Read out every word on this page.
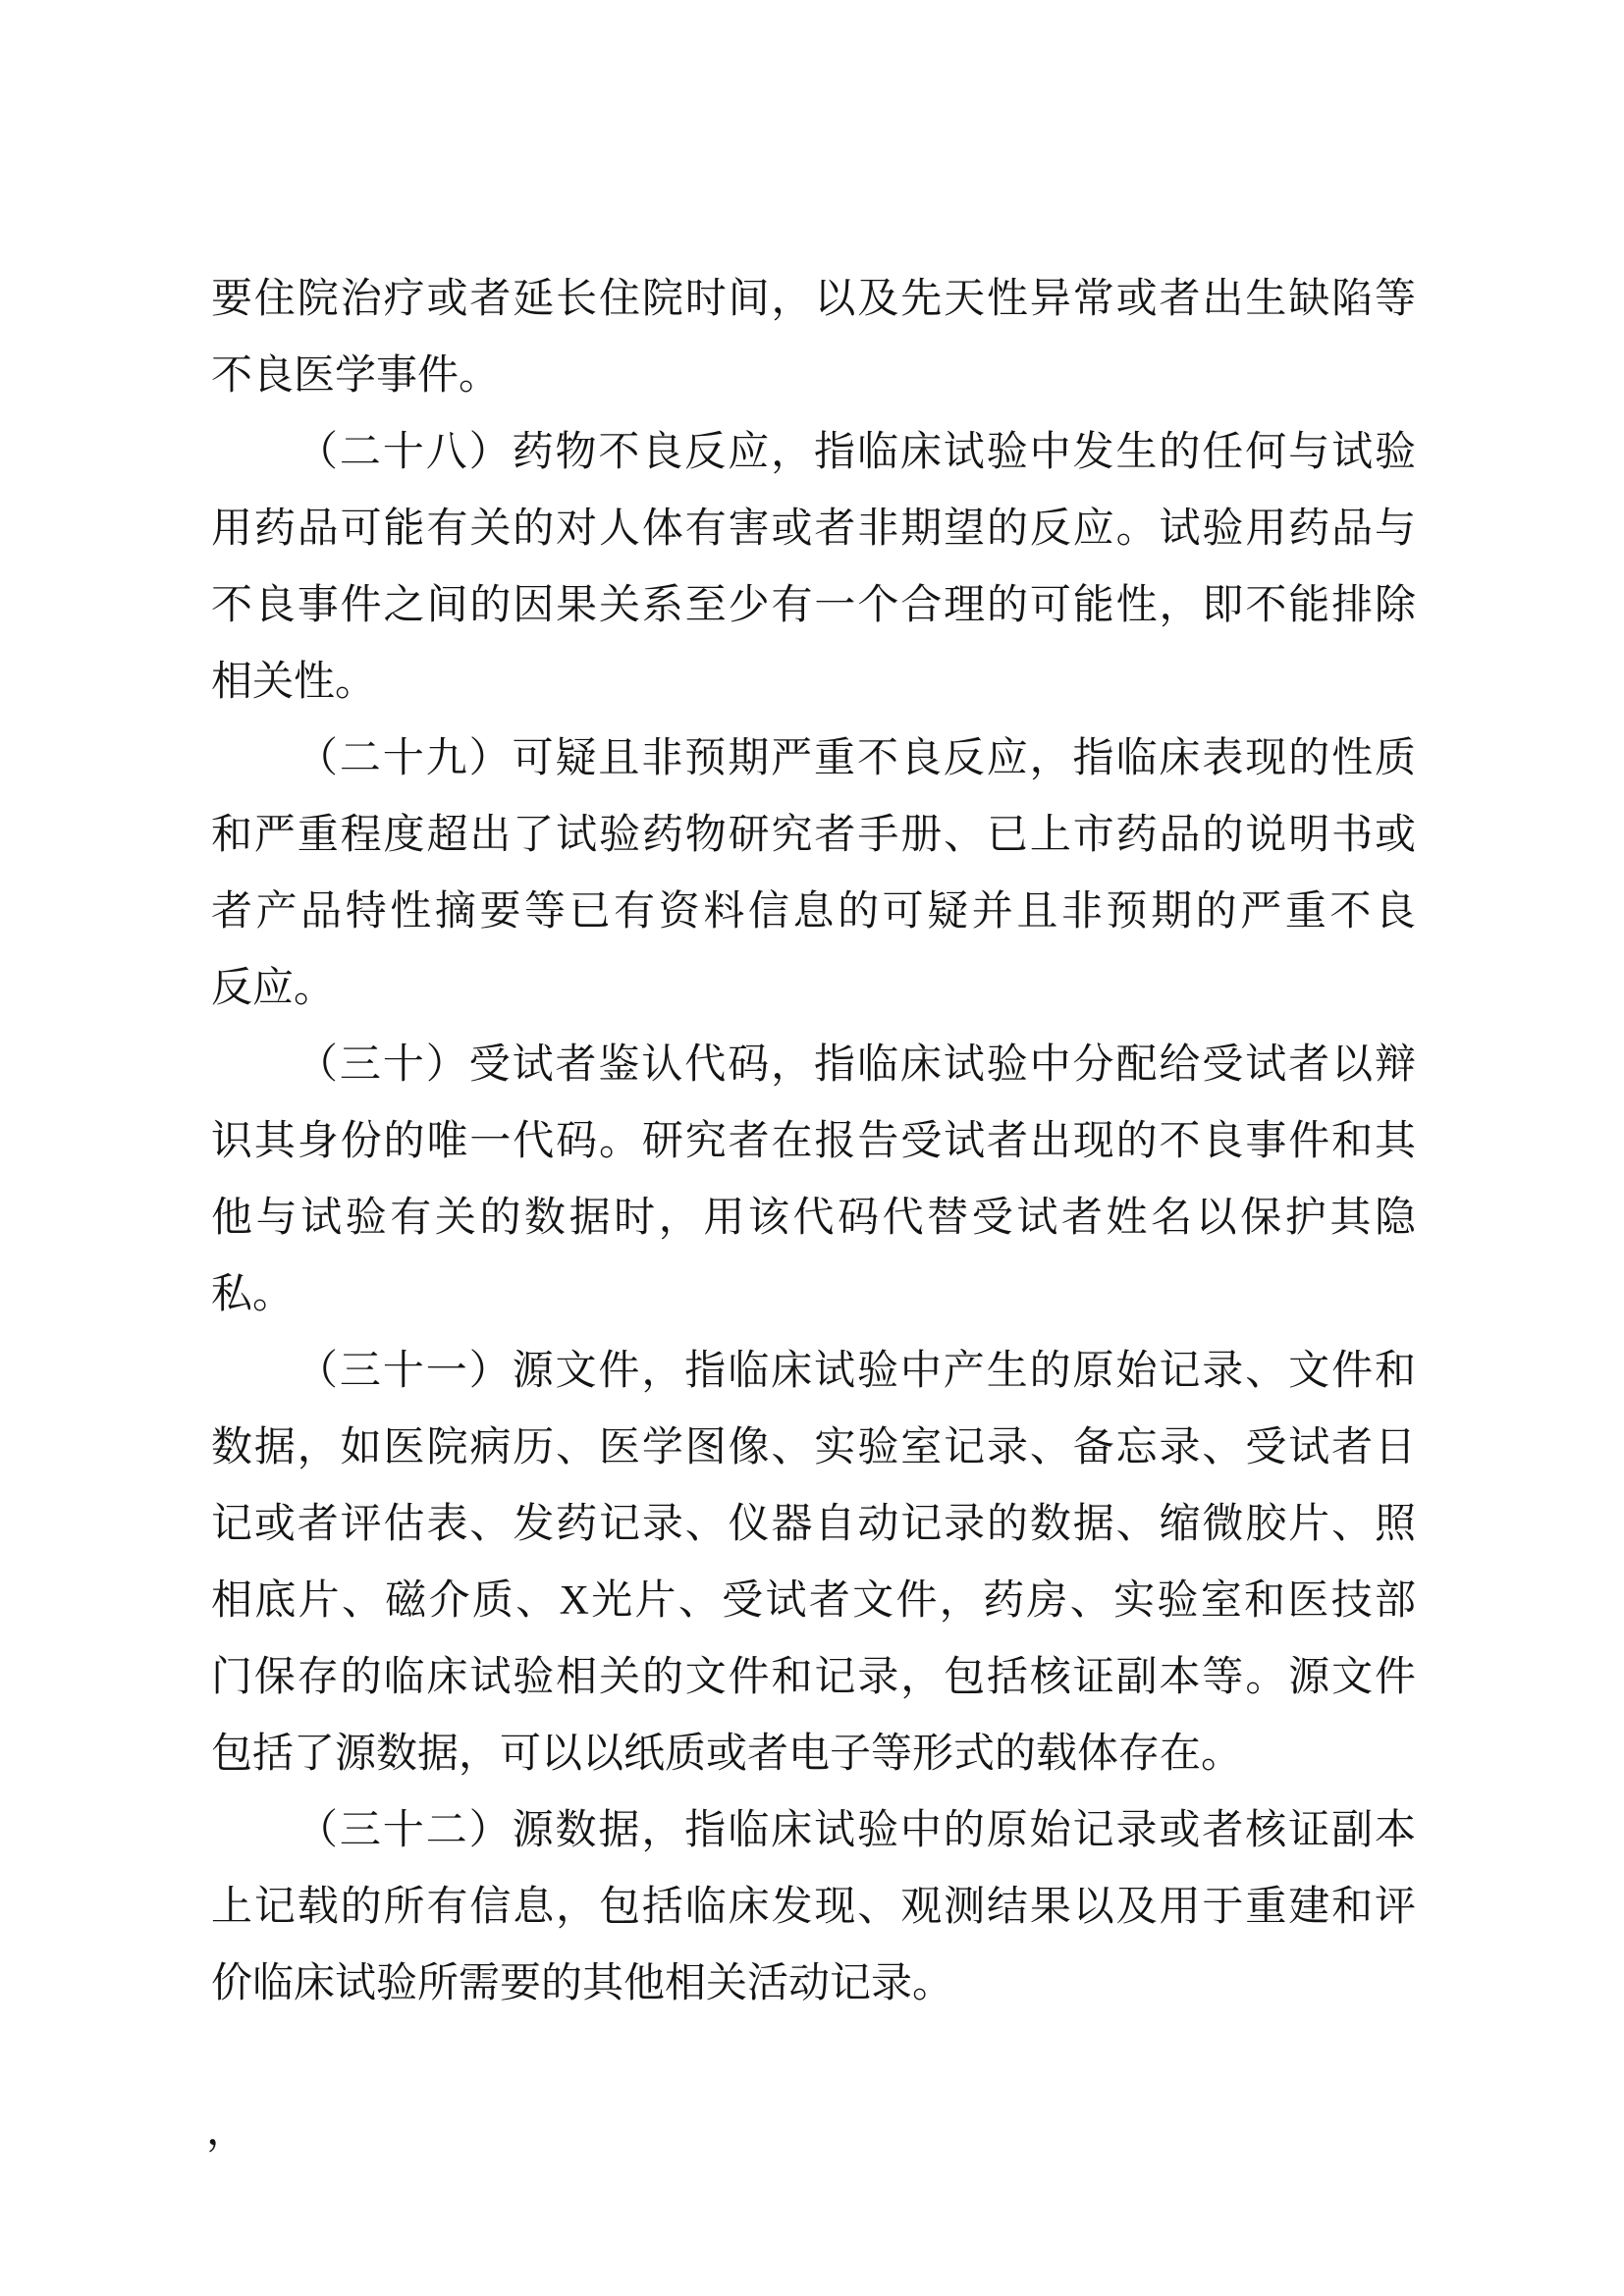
要住院治疗或者延长住院时间，以及先天性异常或者出生缺陷等
不良医学事件。
（二十八）药物不良反应，指临床试验中发生的任何与试验
用药品可能有关的对人体有害或者非期望的反应。试验用药品与
不良事件之间的因果关系至少有一个合理的可能性，即不能排除
相关性。
（二十九）可疑且非预期严重不良反应，指临床表现的性质
和严重程度超出了试验药物研究者手册、已上市药品的说明书或
者产品特性摘要等已有资料信息的可疑并且非预期的严重不良
反应。
（三十）受试者鉴认代码，指临床试验中分配给受试者以辩
识其身份的唯一代码。研究者在报告受试者出现的不良事件和其
他与试验有关的数据时，用该代码代替受试者姓名以保护其隐
私。
（三十一）源文件，指临床试验中产生的原始记录、文件和
数据，如医院病历、医学图像、实验室记录、备忘录、受试者日
记或者评估表、发药记录、仪器自动记录的数据、缩微胶片、照
相底片、磁介质、X光片、受试者文件，药房、实验室和医技部
门保存的临床试验相关的文件和记录，包括核证副本等。源文件
包括了源数据，可以以纸质或者电子等形式的载体存在。
（三十二）源数据，指临床试验中的原始记录或者核证副本
上记载的所有信息，包括临床发现、观测结果以及用于重建和评
价临床试验所需要的其他相关活动记录。
，
